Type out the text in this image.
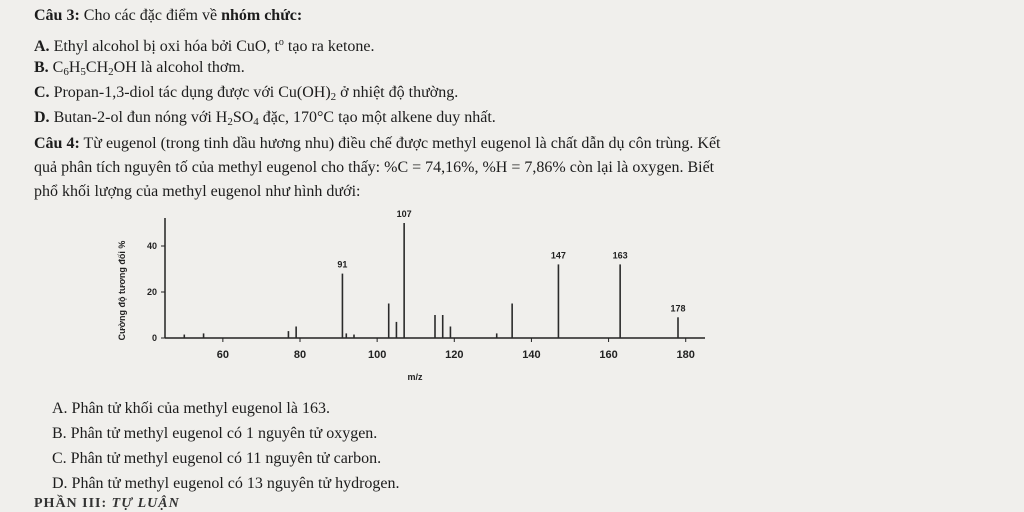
Câu 3: Cho các đặc điểm về nhóm chức:
A. Ethyl alcohol bị oxi hóa bởi CuO, $t^o$ tạo ra ketone.
B. $C_6H_5CH_2OH$ là alcohol thơm.
C. Propan-1,3-diol tác dụng được với $Cu(OH)_2$ ở nhiệt độ thường.
D. Butan-2-ol đun nóng với $H_2SO_4$ đặc, 170°C tạo một alkene duy nhất.
Câu 4: Từ eugenol (trong tinh dầu hương nhu) điều chế được methyl eugenol là chất dẫn dụ côn trùng. Kết
quả phân tích nguyên tố của methyl eugenol cho thấy: %C = 74,16%, %H = 7,86% còn lại là oxygen. Biết
phổ khối lượng của methyl eugenol như hình dưới:
60	80	100	120	140	160	180
0
20
40
m/z
Cường độ tương đối %	91
107
147	163
178
A. Phân tử khối của methyl eugenol là 163.
B. Phân tử methyl eugenol có 1 nguyên tử oxygen.
C. Phân tử methyl eugenol có 11 nguyên tử carbon.
D. Phân tử methyl eugenol có 13 nguyên tử hydrogen.
PHẦN III: TỰ LUẬN
